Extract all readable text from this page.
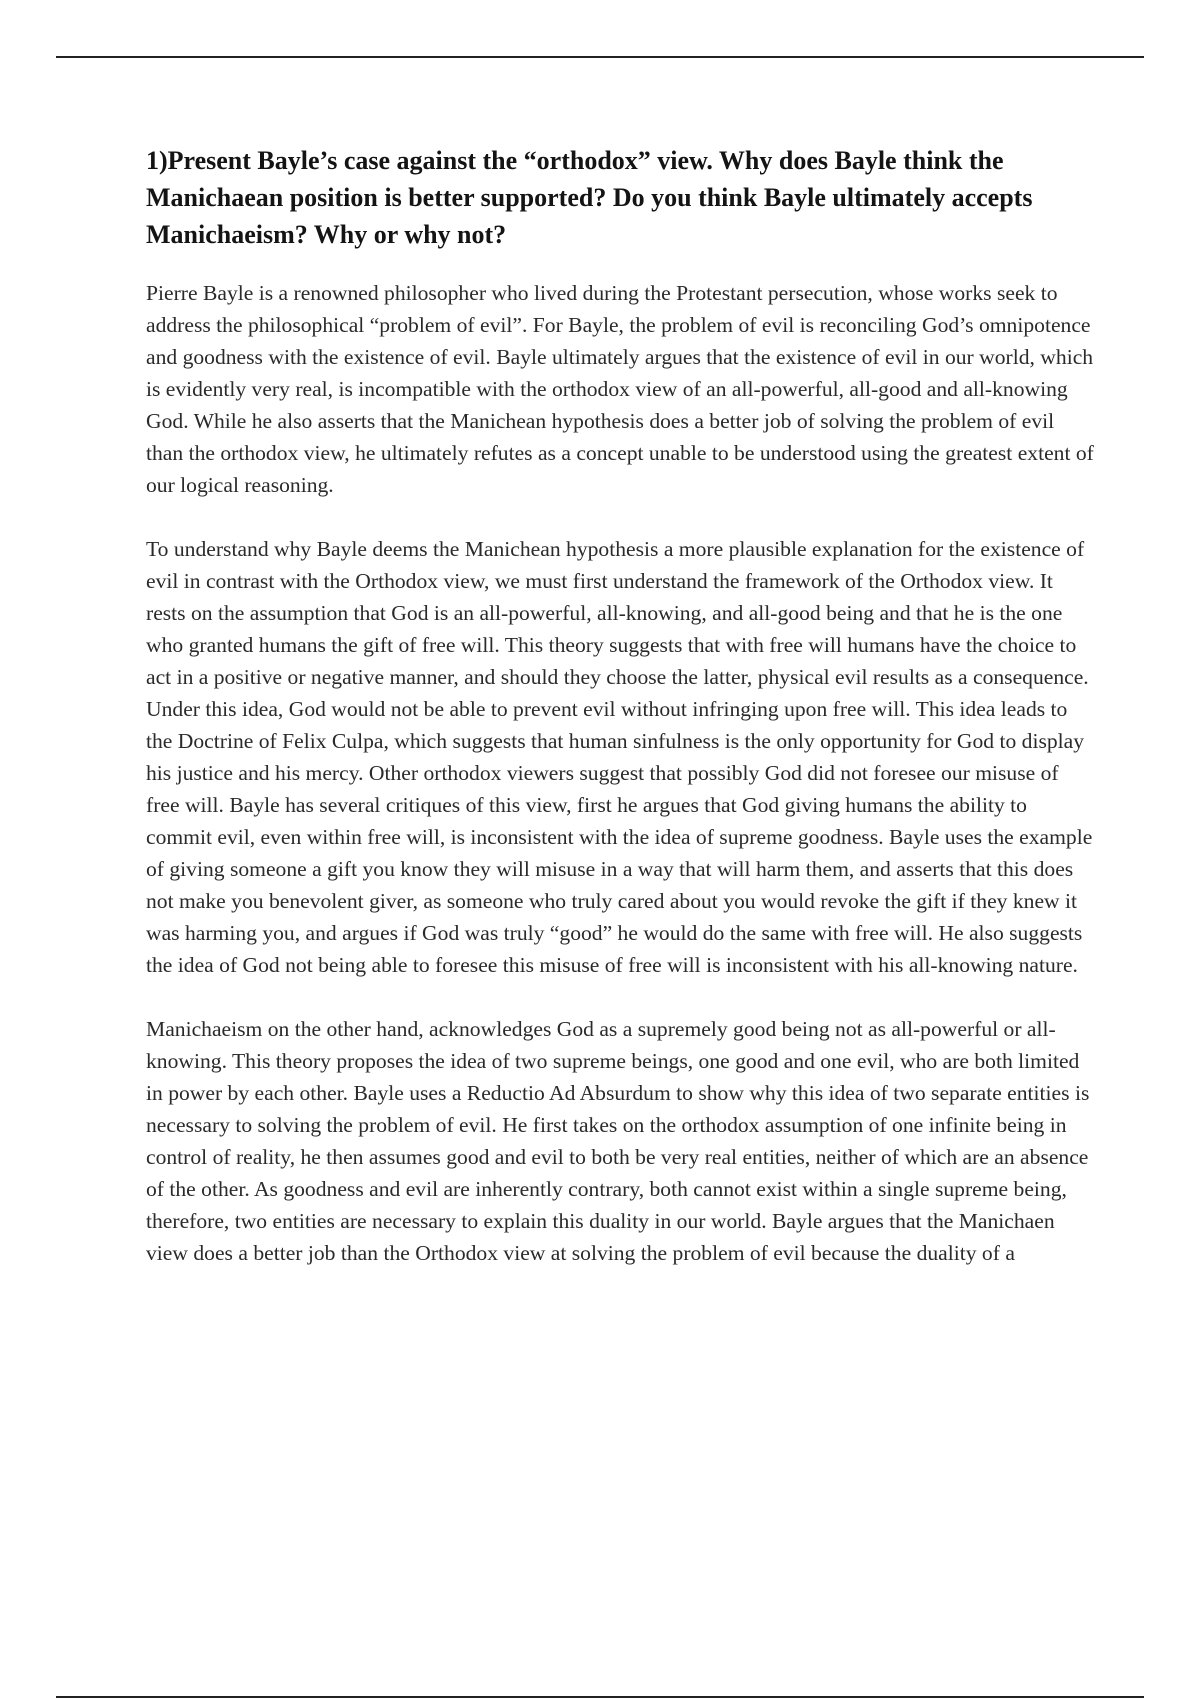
1)Present Bayle’s case against the “orthodox” view. Why does Bayle think the Manichaean position is better supported? Do you think Bayle ultimately accepts Manichaeism? Why or why not?

Pierre Bayle is a renowned philosopher who lived during the Protestant persecution, whose works seek to address the philosophical “problem of evil”. For Bayle, the problem of evil is reconciling God’s omnipotence and goodness with the existence of evil. Bayle ultimately argues that the existence of evil in our world, which is evidently very real, is incompatible with the orthodox view of an all-powerful, all-good and all-knowing God. While he also asserts that the Manichean hypothesis does a better job of solving the problem of evil than the orthodox view, he ultimately refutes as a concept unable to be understood using the greatest extent of our logical reasoning.

To understand why Bayle deems the Manichean hypothesis a more plausible explanation for the existence of evil in contrast with the Orthodox view, we must first understand the framework of the Orthodox view. It rests on the assumption that God is an all-powerful, all-knowing, and all-good being and that he is the one who granted humans the gift of free will. This theory suggests that with free will humans have the choice to act in a positive or negative manner, and should they choose the latter, physical evil results as a consequence. Under this idea, God would not be able to prevent evil without infringing upon free will. This idea leads to the Doctrine of Felix Culpa, which suggests that human sinfulness is the only opportunity for God to display his justice and his mercy. Other orthodox viewers suggest that possibly God did not foresee our misuse of free will. Bayle has several critiques of this view, first he argues that God giving humans the ability to commit evil, even within free will, is inconsistent with the idea of supreme goodness. Bayle uses the example of giving someone a gift you know they will misuse in a way that will harm them, and asserts that this does not make you benevolent giver, as someone who truly cared about you would revoke the gift if they knew it was harming you, and argues if God was truly “good” he would do the same with free will. He also suggests the idea of God not being able to foresee this misuse of free will is inconsistent with his all-knowing nature.

Manichaeism on the other hand, acknowledges God as a supremely good being not as all-powerful or all-knowing. This theory proposes the idea of two supreme beings, one good and one evil, who are both limited in power by each other. Bayle uses a Reductio Ad Absurdum to show why this idea of two separate entities is necessary to solving the problem of evil. He first takes on the orthodox assumption of one infinite being in control of reality, he then assumes good and evil to both be very real entities, neither of which are an absence of the other. As goodness and evil are inherently contrary, both cannot exist within a single supreme being, therefore, two entities are necessary to explain this duality in our world. Bayle argues that the Manichaen view does a better job than the Orthodox view at solving the problem of evil because the duality of a
